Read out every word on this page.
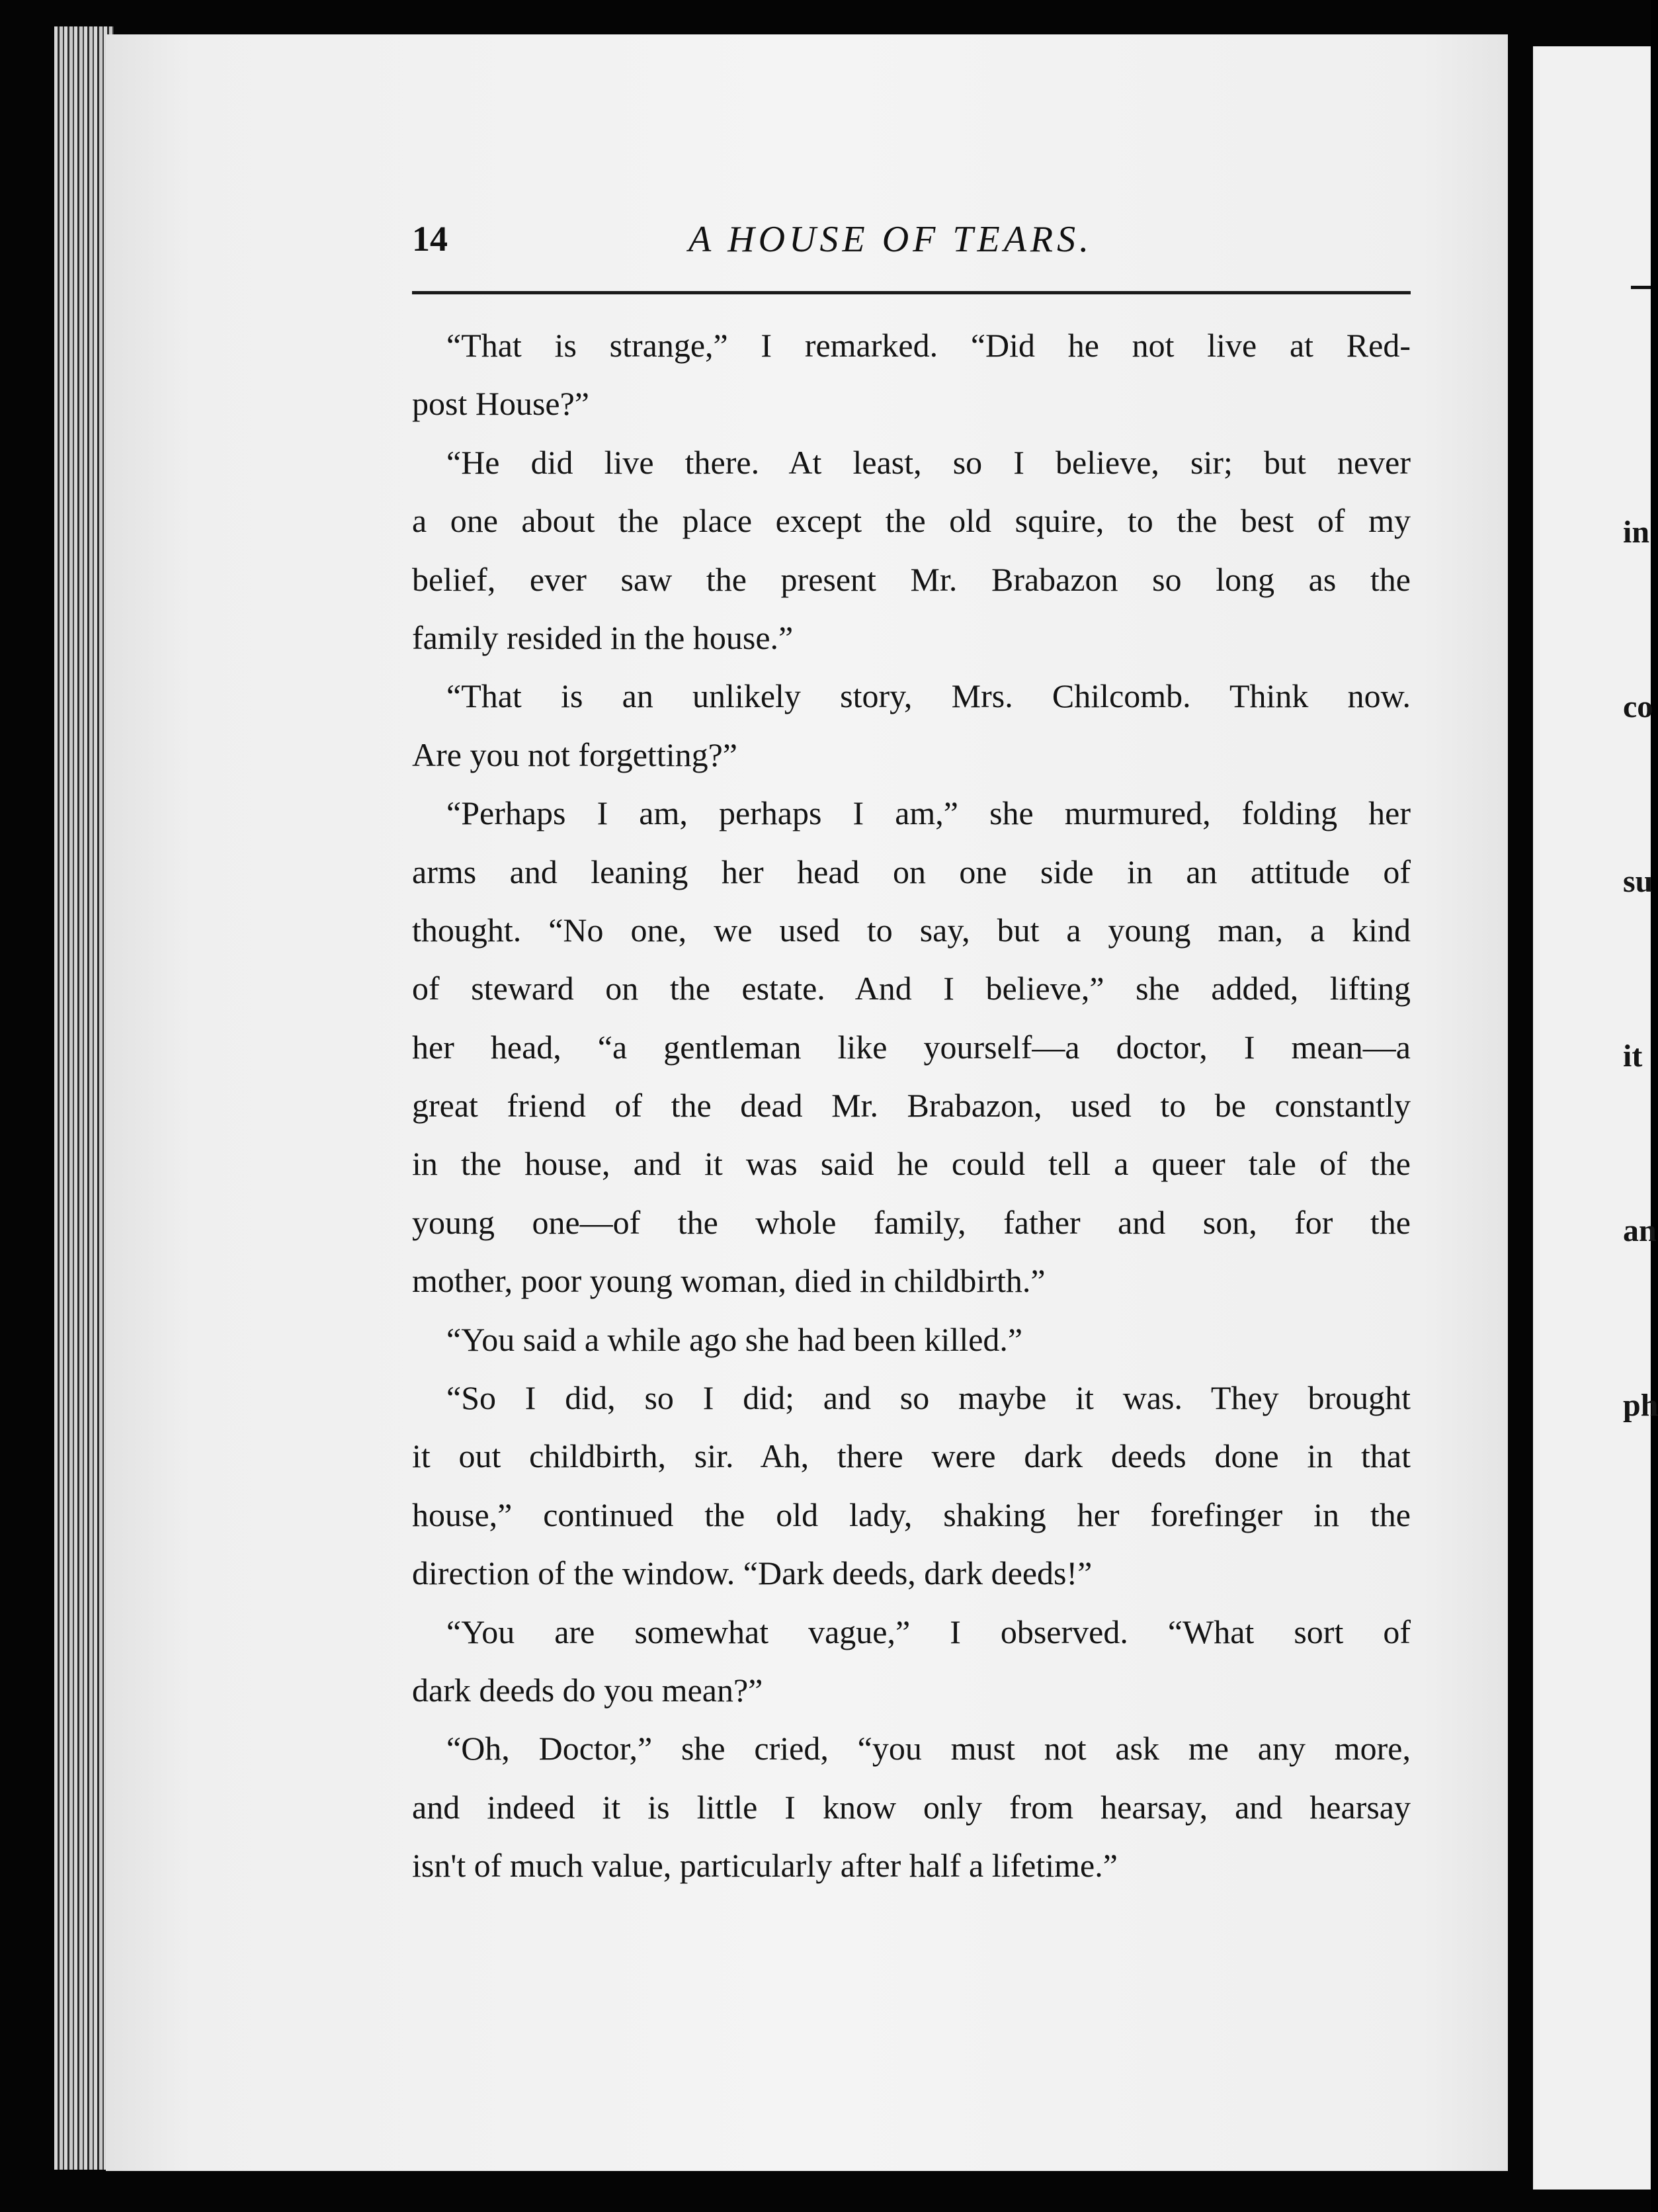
in

co

su

it

an

ph

14	A HOUSE OF TEARS.
“That is strange,” I remarked. “Did he not live at Red-
post House?”
“He did live there. At least, so I believe, sir; but never
a one about the place except the old squire, to the best of my
belief, ever saw the present Mr. Brabazon so long as the
family resided in the house.”
“That is an unlikely story, Mrs. Chilcomb. Think now.
Are you not forgetting?”
“Perhaps I am, perhaps I am,” she murmured, folding her
arms and leaning her head on one side in an attitude of
thought. “No one, we used to say, but a young man, a kind
of steward on the estate. And I believe,” she added, lifting
her head, “a gentleman like yourself—a doctor, I mean—a
great friend of the dead Mr. Brabazon, used to be constantly
in the house, and it was said he could tell a queer tale of the
young one—of the whole family, father and son, for the
mother, poor young woman, died in childbirth.”
“You said a while ago she had been killed.”
“So I did, so I did; and so maybe it was. They brought
it out childbirth, sir. Ah, there were dark deeds done in that
house,” continued the old lady, shaking her forefinger in the
direction of the window. “Dark deeds, dark deeds!”
“You are somewhat vague,” I observed. “What sort of
dark deeds do you mean?”
“Oh, Doctor,” she cried, “you must not ask me any more,
and indeed it is little I know only from hearsay, and hearsay
isn't of much value, particularly after half a lifetime.”
